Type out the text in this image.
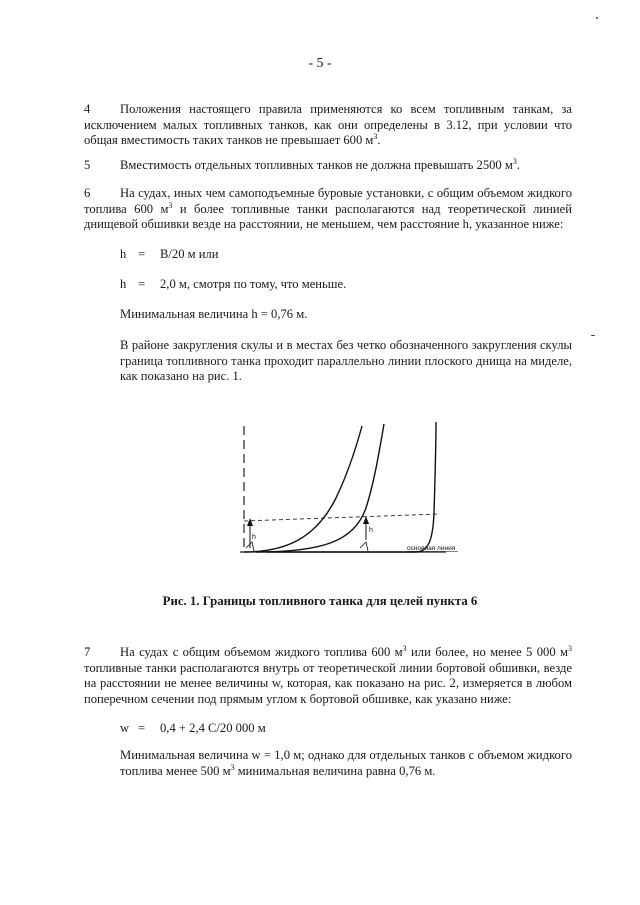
- 5 -
4	Положения настоящего правила применяются ко всем топливным танкам, за исключением малых топливных танков, как они определены в 3.12, при условии что общая вместимость таких танков не превышает 600 $м^3$.
5 Вместимость отдельных топливных танков не должна превышать 2500 $м^3$.
6	На судах, иных чем самоподъемные буровые установки, с общим объемом жидкого топлива 600 $м^3$ и более топливные танки располагаются над теоретической линией днищевой обшивки везде на расстоянии, не меньшем, чем расстояние h, указанное ниже:
h = B/20 м или
h = 2,0 м, смотря по тому, что меньше.
Минимальная величина h = 0,76 м.
В районе закругления скулы и в местах без четко обозначенного закругления скулы граница топливного танка проходит параллельно линии плоского днища на миделе, как показано на рис. 1.
h
h
основная линия
Рис. 1. Границы топливного танка для целей пункта 6
7	На судах с общим объемом жидкого топлива 600 $м^3$ или более, но менее 5 000 $м^3$ топливные танки располагаются внутрь от теоретической линии бортовой обшивки, везде на расстоянии не менее величины w, которая, как показано на рис. 2, измеряется в любом поперечном сечении под прямым углом к бортовой обшивке, как указано ниже:
w = 0,4 + 2,4 C/20 000 м
Минимальная величина w = 1,0 м; однако для отдельных танков с объемом жидкого топлива менее 500 $м^3$ минимальная величина равна 0,76 м.
